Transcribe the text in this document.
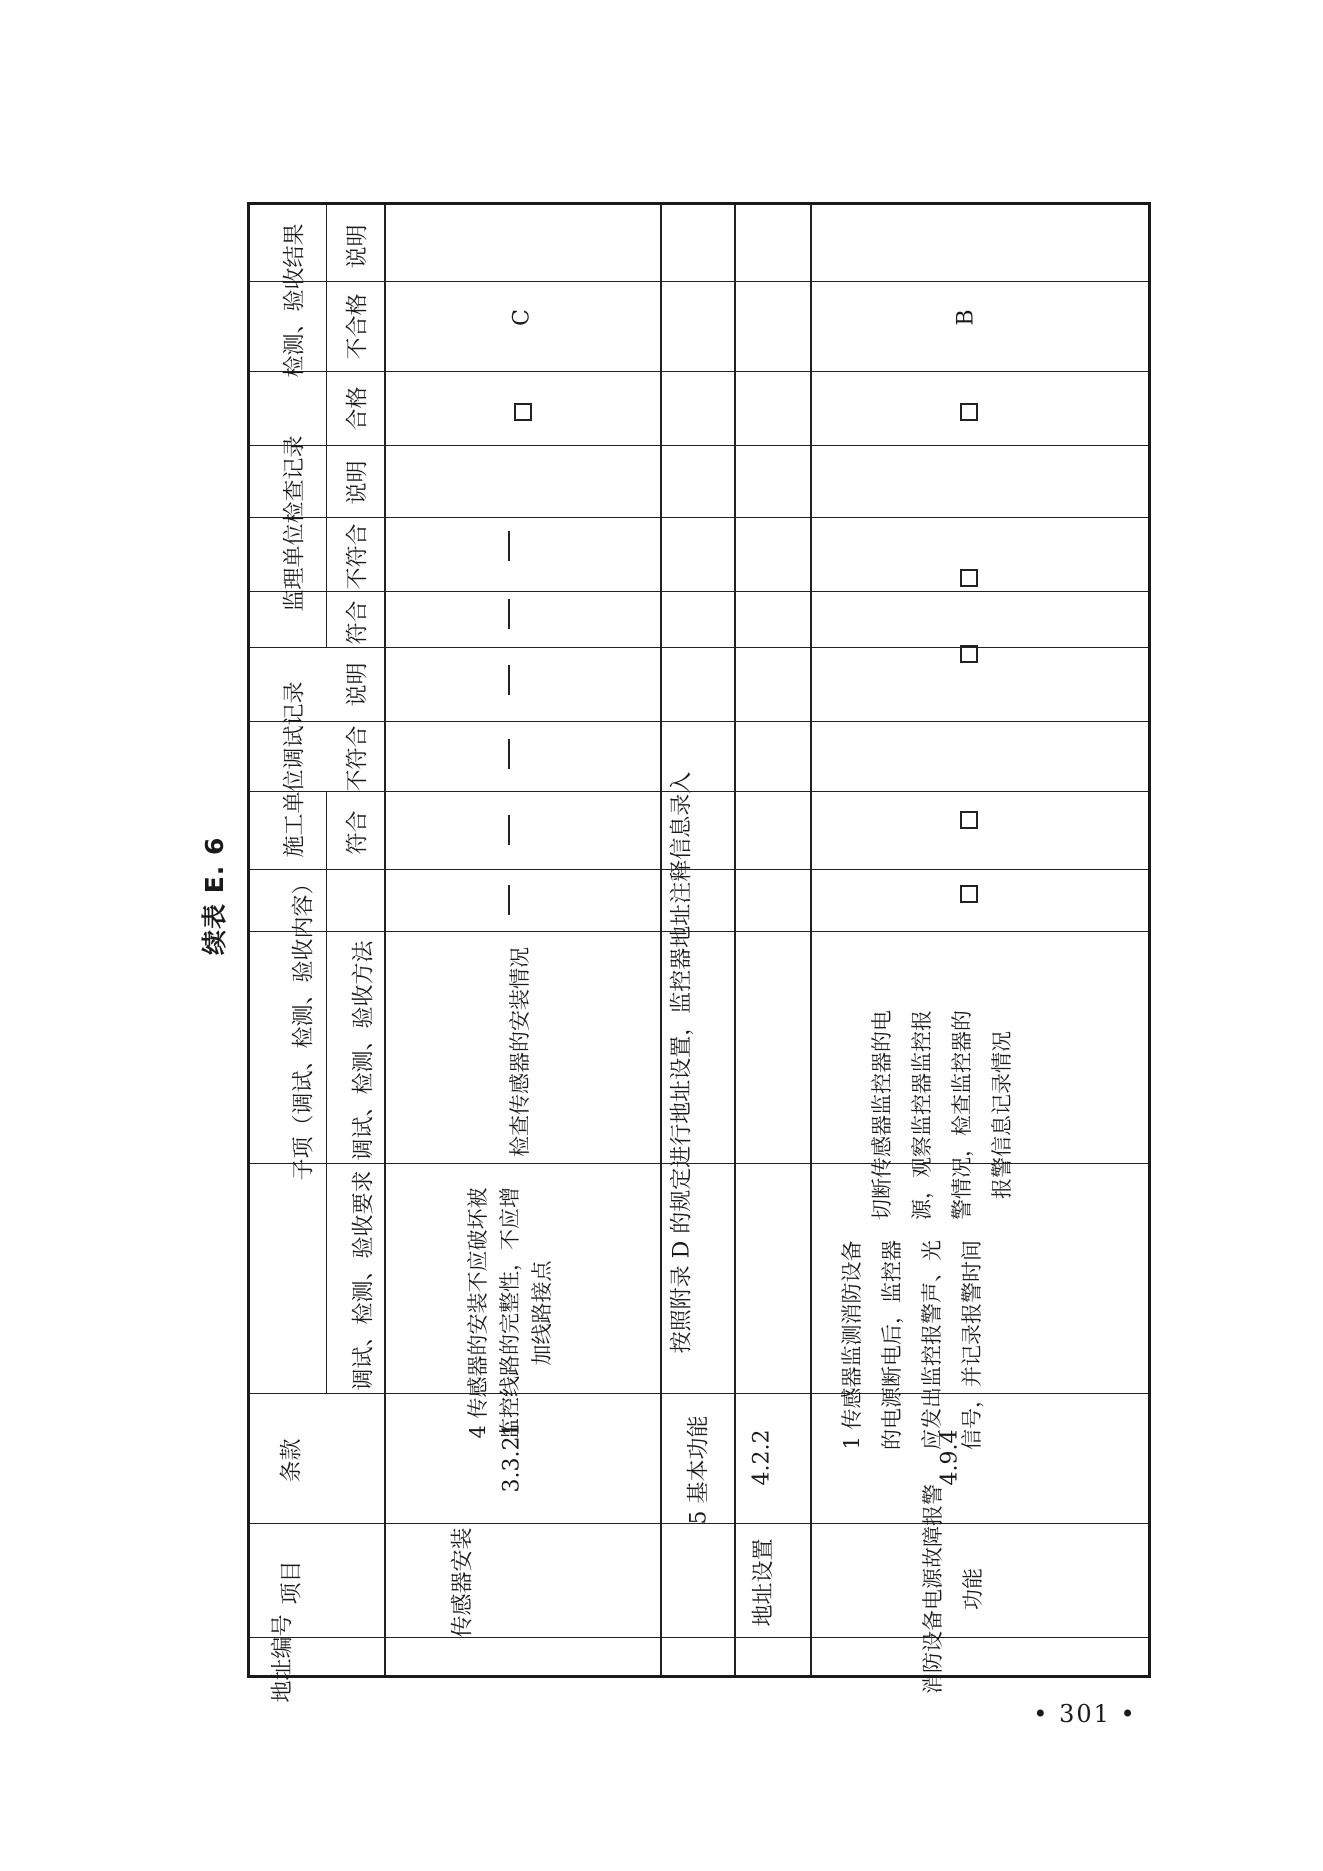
续表 E. 6
检测、验收结果
监理单位检查记录
施工单位调试记录
子项（调试、检测、验收内容）
条款
项目
地址编号
说明
不合格
合格
说明
不符合
符合
说明
不符合
符合
调试、检测、验收方法
调试、检测、验收要求
传感器安装
3.3.21
4 传感器的安装不应破坏被监控线路的完整性，不应增加线路接点
检查传感器的安装情况
C
5 基本功能
地址设置
4.2.2
按照附录 D 的规定进行地址设置，监控器地址注释信息录入
消防设备电源故障报警功能
4.9.4
1 传感器监测消防设备的电源断电后，监控器应发出监控报警声、光信号，并记录报警时间
切断传感器监控器的电源，观察监控器监控报警情况，检查监控器的报警信息记录情况
B
• 301 •
